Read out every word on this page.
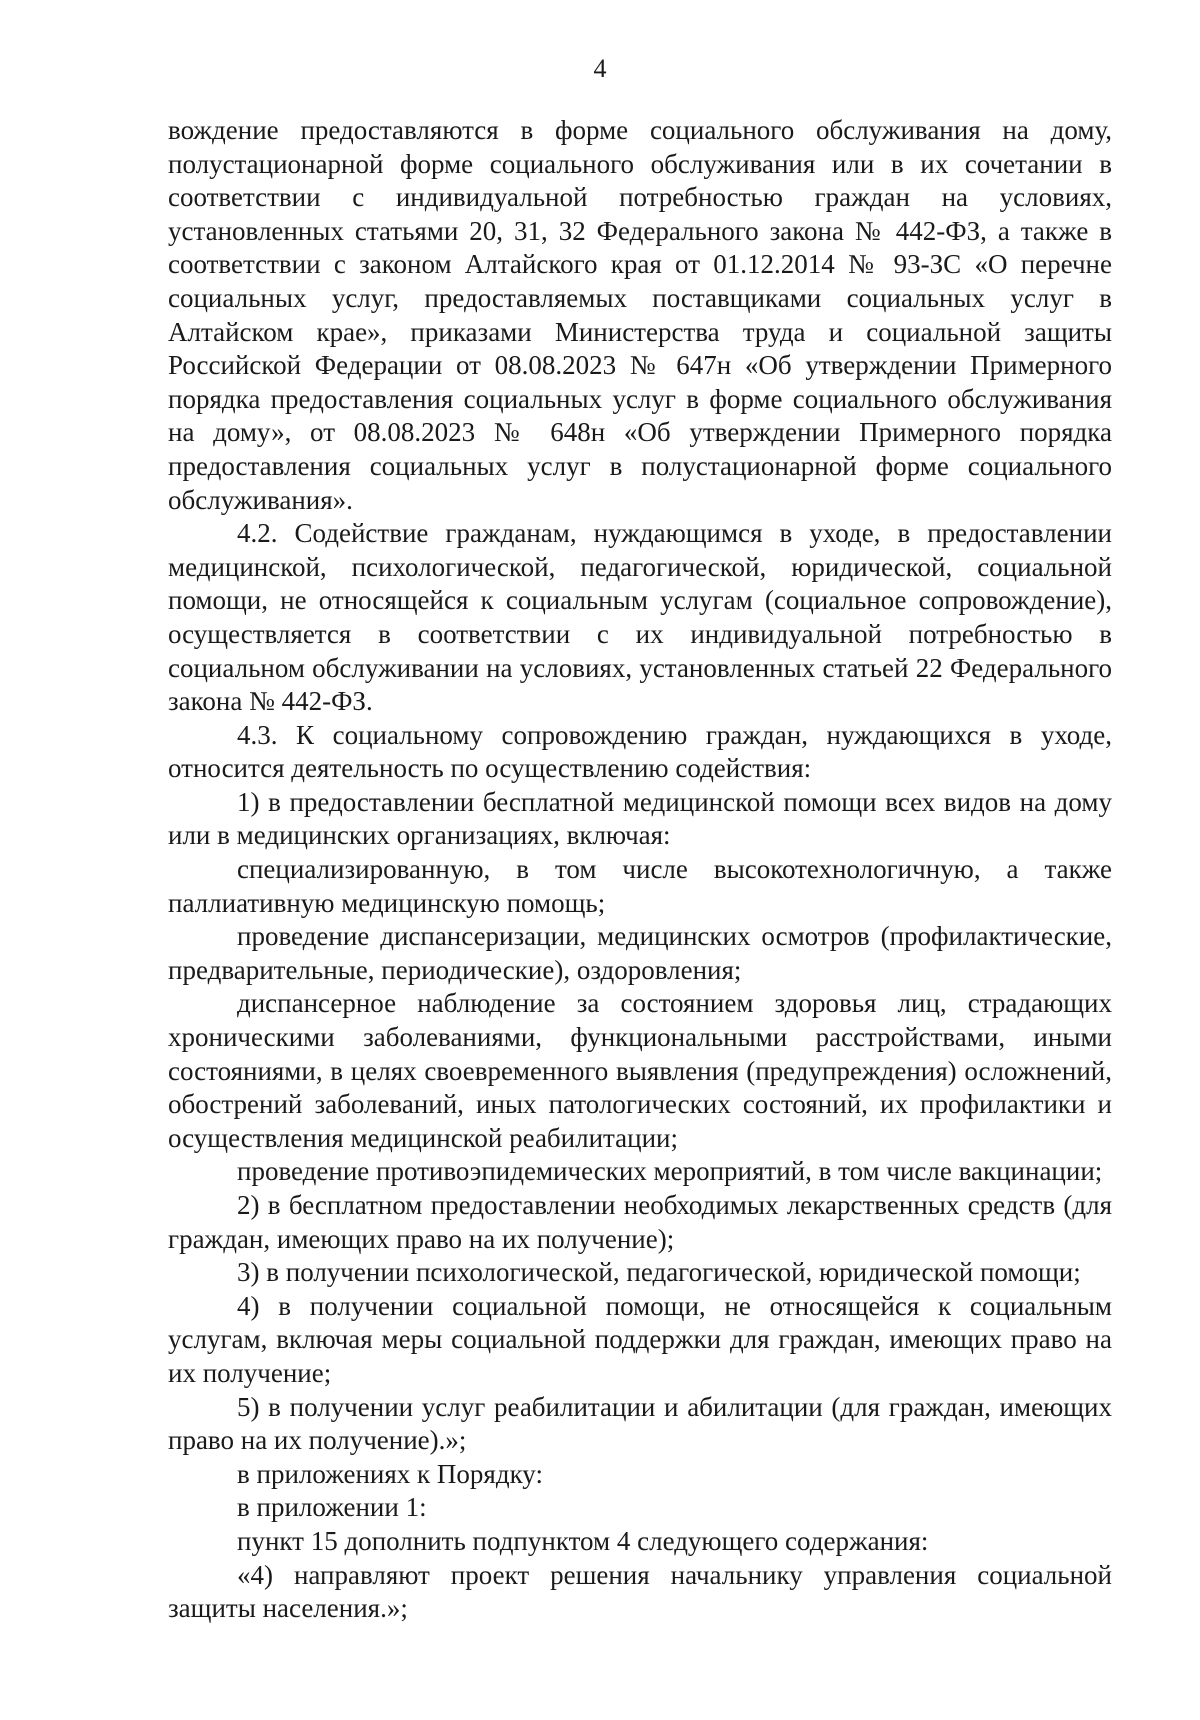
4

вождение предоставляются в форме социального обслуживания на дому, полустационарной форме социального обслуживания или в их сочетании в соответствии с индивидуальной потребностью граждан на условиях, установленных статьями 20, 31, 32 Федерального закона № 442-ФЗ, а также в соответствии с законом Алтайского края от 01.12.2014 № 93-ЗС «О перечне социальных услуг, предоставляемых поставщиками социальных услуг в Алтайском крае», приказами Министерства труда и социальной защиты Российской Федерации от 08.08.2023 № 647н «Об утверждении Примерного порядка предоставления социальных услуг в форме социального обслуживания на дому», от 08.08.2023 № 648н «Об утверждении Примерного порядка предоставления социальных услуг в полустационарной форме социального обслуживания».

4.2. Содействие гражданам, нуждающимся в уходе, в предоставлении медицинской, психологической, педагогической, юридической, социальной помощи, не относящейся к социальным услугам (социальное сопровождение), осуществляется в соответствии с их индивидуальной потребностью в социальном обслуживании на условиях, установленных статьей 22 Федерального закона № 442-ФЗ.

4.3. К социальному сопровождению граждан, нуждающихся в уходе, относится деятельность по осуществлению содействия:

1) в предоставлении бесплатной медицинской помощи всех видов на дому или в медицинских организациях, включая:

специализированную, в том числе высокотехнологичную, а также паллиативную медицинскую помощь;

проведение диспансеризации, медицинских осмотров (профилактические, предварительные, периодические), оздоровления;

диспансерное наблюдение за состоянием здоровья лиц, страдающих хроническими заболеваниями, функциональными расстройствами, иными состояниями, в целях своевременного выявления (предупреждения) осложнений, обострений заболеваний, иных патологических состояний, их профилактики и осуществления медицинской реабилитации;

проведение противоэпидемических мероприятий, в том числе вакцинации;

2) в бесплатном предоставлении необходимых лекарственных средств (для граждан, имеющих право на их получение);

3) в получении психологической, педагогической, юридической помощи;

4) в получении социальной помощи, не относящейся к социальным услугам, включая меры социальной поддержки для граждан, имеющих право на их получение;

5) в получении услуг реабилитации и абилитации (для граждан, имеющих право на их получение).»;

в приложениях к Порядку:

в приложении 1:

пункт 15 дополнить подпунктом 4 следующего содержания:

«4) направляют проект решения начальнику управления социальной защиты населения.»;
